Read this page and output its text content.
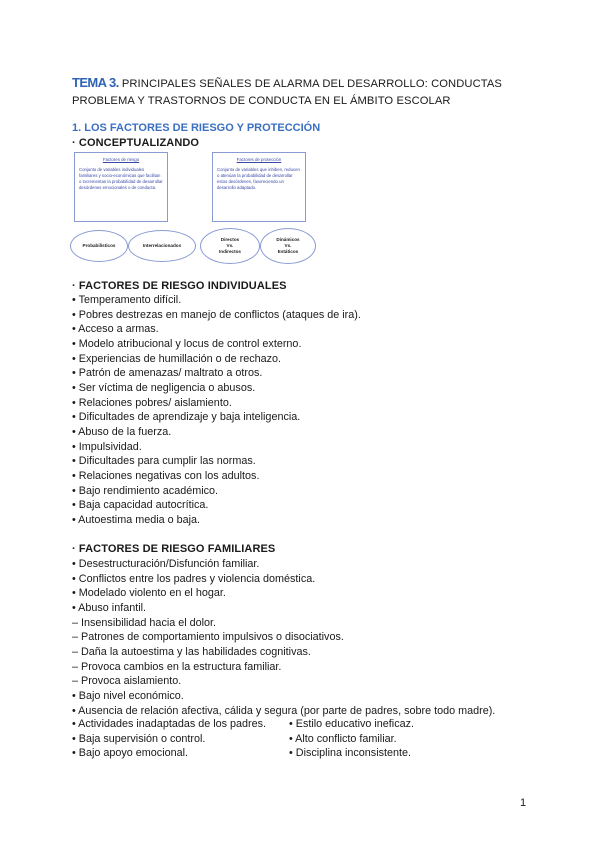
TEMA 3. PRINCIPALES SEÑALES DE ALARMA DEL DESARROLLO: CONDUCTAS PROBLEMA Y TRASTORNOS DE CONDUCTA EN EL ÁMBITO ESCOLAR
1. LOS FACTORES DE RIESGO Y PROTECCIÓN
· CONCEPTUALIZANDO
Factores de riesgo
Conjunto de variables individuales familiares y socio-económicas que facilitan o incrementan la probabilidad de desarrollar desórdenes emocionales o de conducta.
Factores de protección
Conjunto de variables que inhiben, reducen o atenúan la probabilidad de desarrollar estos desórdenes, favoreciendo un desarrollo adaptado.
Probabilísticos	Interrelacionados
Directos
Vs.
Indirectos
Dinámicos
Vs.
Estáticos
· FACTORES DE RIESGO INDIVIDUALES
• Temperamento difícil.
• Pobres destrezas en manejo de conflictos (ataques de ira).
• Acceso a armas.
• Modelo atribucional y locus de control externo.
• Experiencias de humillación o de rechazo.
• Patrón de amenazas/ maltrato a otros.
• Ser víctima de negligencia o abusos.
• Relaciones pobres/ aislamiento.
• Dificultades de aprendizaje y baja inteligencia.
• Abuso de la fuerza.
• Impulsividad.
• Dificultades para cumplir las normas.
• Relaciones negativas con los adultos.
• Bajo rendimiento académico.
• Baja capacidad autocrítica.
• Autoestima media o baja.
· FACTORES DE RIESGO FAMILIARES
• Desestructuración/Disfunción familiar.
• Conflictos entre los padres y violencia doméstica.
• Modelado violento en el hogar.
• Abuso infantil.
– Insensibilidad hacia el dolor.
– Patrones de comportamiento impulsivos o disociativos.
– Daña la autoestima y las habilidades cognitivas.
– Provoca cambios en la estructura familiar.
– Provoca aislamiento.
• Bajo nivel económico.
• Ausencia de relación afectiva, cálida y segura (por parte de padres, sobre todo madre).
• Actividades inadaptadas de los padres.
• Baja supervisión o control.
• Bajo apoyo emocional.
• Estilo educativo ineficaz.
• Alto conflicto familiar.
• Disciplina inconsistente.
1
